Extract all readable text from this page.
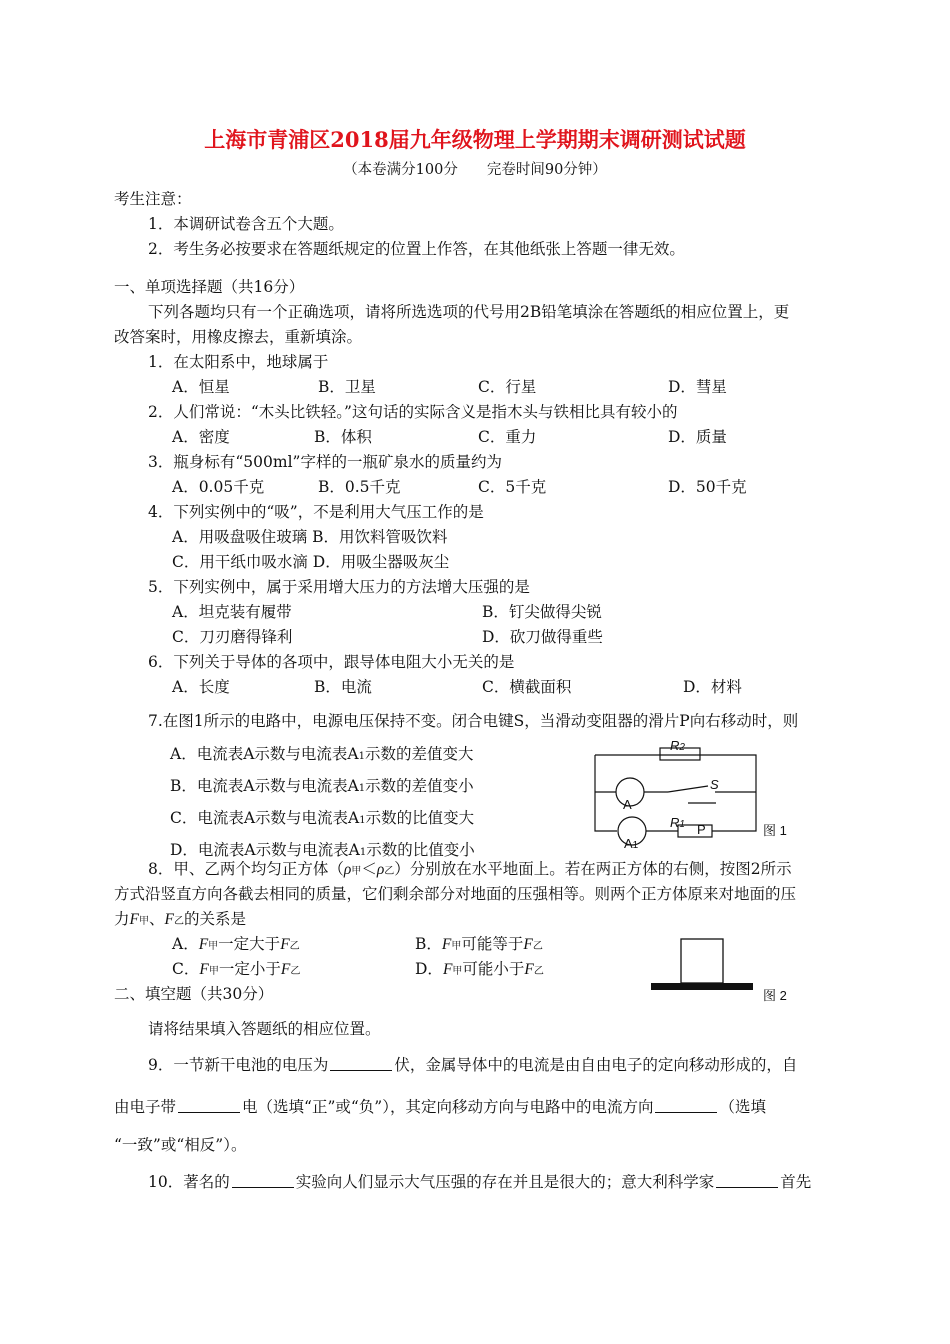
上海市青浦区2018届九年级物理上学期期末调研测试试题
（本卷满分100分　　完卷时间90分钟）
考生注意：
1．本调研试卷含五个大题。
2．考生务必按要求在答题纸规定的位置上作答，在其他纸张上答题一律无效。
一、单项选择题（共16分）
下列各题均只有一个正确选项，请将所选选项的代号用2B铅笔填涂在答题纸的相应位置上，更
改答案时，用橡皮擦去，重新填涂。
1．在太阳系中，地球属于
A．恒星	B．卫星	C．行星	D．彗星
2．人们常说：“木头比铁轻。”这句话的实际含义是指木头与铁相比具有较小的
A．密度	B．体积	C．重力	D．质量
3．瓶身标有“500ml”字样的一瓶矿泉水的质量约为
A．0.05千克	B．0.5千克	C．5千克	D．50千克
4．下列实例中的“吸”，不是利用大气压工作的是
A．用吸盘吸住玻璃 B．用饮料管吸饮料
C．用干纸巾吸水滴 D．用吸尘器吸灰尘
5．下列实例中，属于采用增大压力的方法增大压强的是
A．坦克装有履带	B．钉尖做得尖锐
C．刀刃磨得锋利	D．砍刀做得重些
6．下列关于导体的各项中，跟导体电阻大小无关的是
A．长度	B．电流	C．横截面积	D．材料
7.在图1所示的电路中，电源电压保持不变。闭合电键S，当滑动变阻器的滑片P向右移动时，则
A．电流表A示数与电流表A1示数的差值变大
B．电流表A示数与电流表A1示数的差值变小
C．电流表A示数与电流表A1示数的比值变大
D．电流表A示数与电流表A1示数的比值变小
R2
S
A
R1 P
A1
图 1
8．甲、乙两个均匀正方体（ρ甲＜ρ乙）分别放在水平地面上。若在两正方体的右侧，按图2所示
方式沿竖直方向各截去相同的质量，它们剩余部分对地面的压强相等。则两个正方体原来对地面的压
力F甲、F乙的关系是
A．F甲一定大于F乙	B．F甲可能等于F乙
C．F甲一定小于F乙	D．F甲可能小于F乙
图 2
二、填空题（共30分）
请将结果填入答题纸的相应位置。
9．一节新干电池的电压为	伏，金属导体中的电流是由自由电子的定向移动形成的，自
由电子带	电（选填“正”或“负”），其定向移动方向与电路中的电流方向	（选填
“一致”或“相反”）。
10．著名的	实验向人们显示大气压强的存在并且是很大的；意大利科学家	首先
